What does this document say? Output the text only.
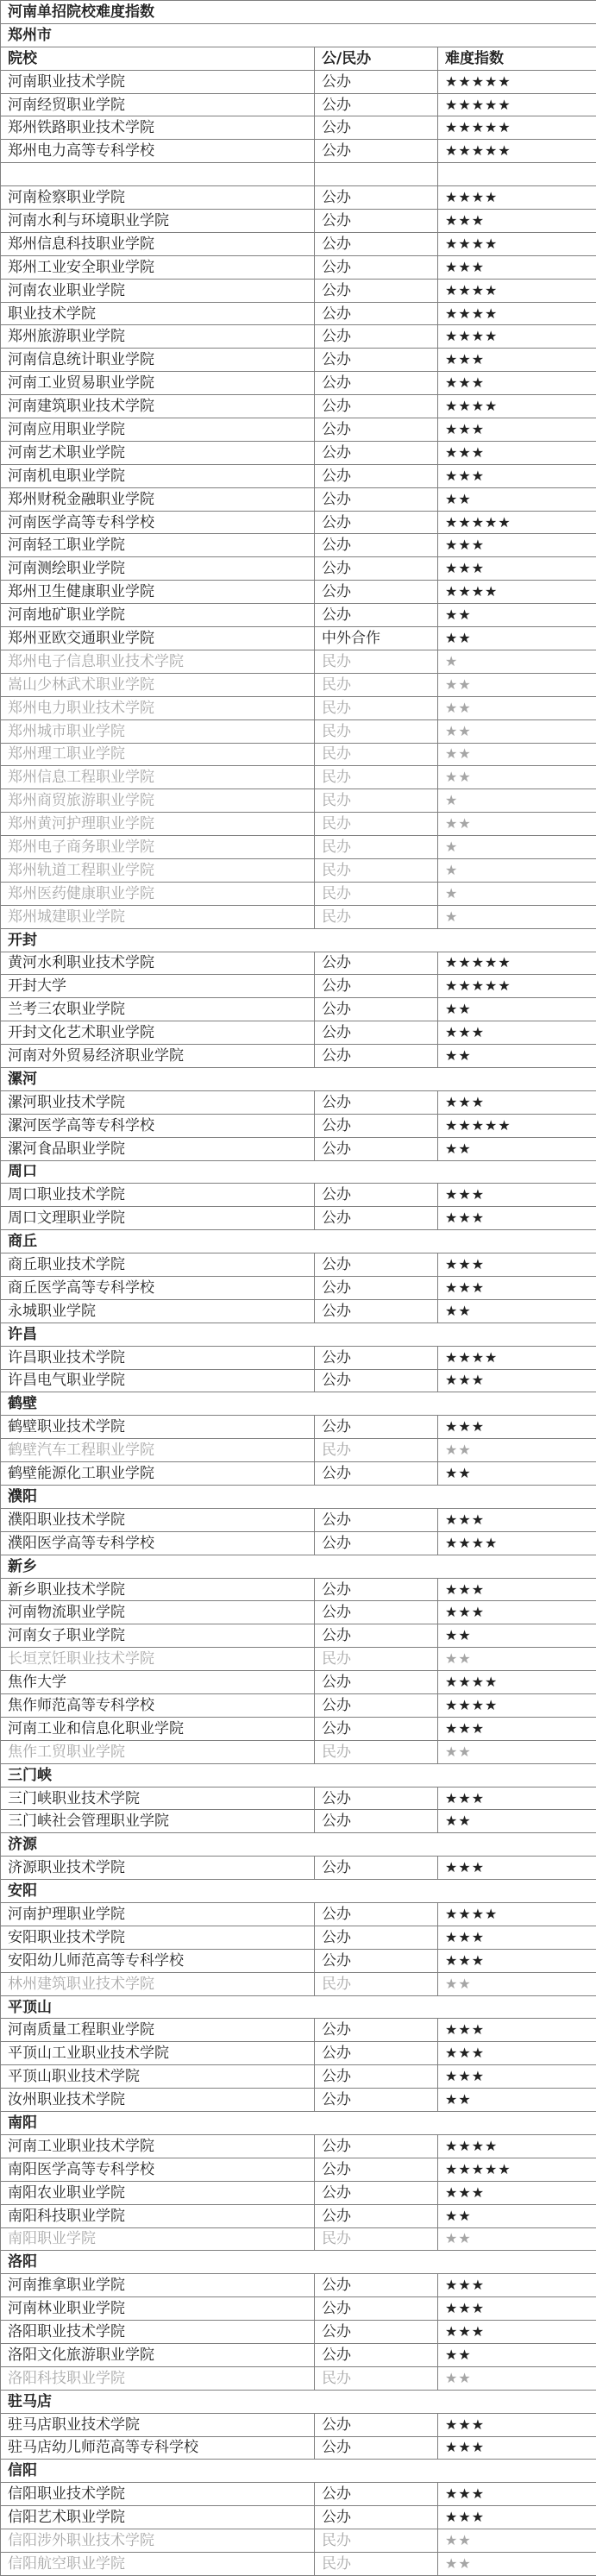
河南单招院校难度指数		
郑州市		
院校	公/民办	难度指数
河南职业技术学院	公办	★★★★★
河南经贸职业学院	公办	★★★★★
郑州铁路职业技术学院	公办	★★★★★
郑州电力高等专科学校	公办	★★★★★

河南检察职业学院	公办	★★★★
河南水利与环境职业学院	公办	★★★
郑州信息科技职业学院	公办	★★★★
郑州工业安全职业学院	公办	★★★
河南农业职业学院	公办	★★★★
职业技术学院	公办	★★★★
郑州旅游职业学院	公办	★★★★
河南信息统计职业学院	公办	★★★
河南工业贸易职业学院	公办	★★★
河南建筑职业技术学院	公办	★★★★
河南应用职业学院	公办	★★★
河南艺术职业学院	公办	★★★
河南机电职业学院	公办	★★★
郑州财税金融职业学院	公办	★★
河南医学高等专科学校	公办	★★★★★
河南轻工职业学院	公办	★★★
河南测绘职业学院	公办	★★★
郑州卫生健康职业学院	公办	★★★★
河南地矿职业学院	公办	★★
郑州亚欧交通职业学院	中外合作	★★
郑州电子信息职业技术学院	民办	★
嵩山少林武术职业学院	民办	★★
郑州电力职业技术学院	民办	★★
郑州城市职业学院	民办	★★
郑州理工职业学院	民办	★★
郑州信息工程职业学院	民办	★★
郑州商贸旅游职业学院	民办	★
郑州黄河护理职业学院	民办	★★
郑州电子商务职业学院	民办	★
郑州轨道工程职业学院	民办	★
郑州医药健康职业学院	民办	★
郑州城建职业学院	民办	★
开封		
黄河水利职业技术学院	公办	★★★★★
开封大学	公办	★★★★★
兰考三农职业学院	公办	★★
开封文化艺术职业学院	公办	★★★
河南对外贸易经济职业学院	公办	★★
漯河		
漯河职业技术学院	公办	★★★
漯河医学高等专科学校	公办	★★★★★
漯河食品职业学院	公办	★★
周口		
周口职业技术学院	公办	★★★
周口文理职业学院	公办	★★★
商丘		
商丘职业技术学院	公办	★★★
商丘医学高等专科学校	公办	★★★
永城职业学院	公办	★★
许昌		
许昌职业技术学院	公办	★★★★
许昌电气职业学院	公办	★★★
鹤壁		
鹤壁职业技术学院	公办	★★★
鹤壁汽车工程职业学院	民办	★★
鹤壁能源化工职业学院	公办	★★
濮阳		
濮阳职业技术学院	公办	★★★
濮阳医学高等专科学校	公办	★★★★
新乡		
新乡职业技术学院	公办	★★★
河南物流职业学院	公办	★★★
河南女子职业学院	公办	★★
长垣烹饪职业技术学院	民办	★★
焦作大学	公办	★★★★
焦作师范高等专科学校	公办	★★★★
河南工业和信息化职业学院	公办	★★★
焦作工贸职业学院	民办	★★
三门峡		
三门峡职业技术学院	公办	★★★
三门峡社会管理职业学院	公办	★★
济源		
济源职业技术学院	公办	★★★
安阳		
河南护理职业学院	公办	★★★★
安阳职业技术学院	公办	★★★
安阳幼儿师范高等专科学校	公办	★★★
林州建筑职业技术学院	民办	★★
平顶山		
河南质量工程职业学院	公办	★★★
平顶山工业职业技术学院	公办	★★★
平顶山职业技术学院	公办	★★★
汝州职业技术学院	公办	★★
南阳		
河南工业职业技术学院	公办	★★★★
南阳医学高等专科学校	公办	★★★★★
南阳农业职业学院	公办	★★★
南阳科技职业学院	公办	★★
南阳职业学院	民办	★★
洛阳		
河南推拿职业学院	公办	★★★
河南林业职业学院	公办	★★★
洛阳职业技术学院	公办	★★★
洛阳文化旅游职业学院	公办	★★
洛阳科技职业学院	民办	★★
驻马店		
驻马店职业技术学院	公办	★★★
驻马店幼儿师范高等专科学校	公办	★★★
信阳		
信阳职业技术学院	公办	★★★
信阳艺术职业学院	公办	★★★
信阳涉外职业技术学院	民办	★★
信阳航空职业学院	民办	★★
